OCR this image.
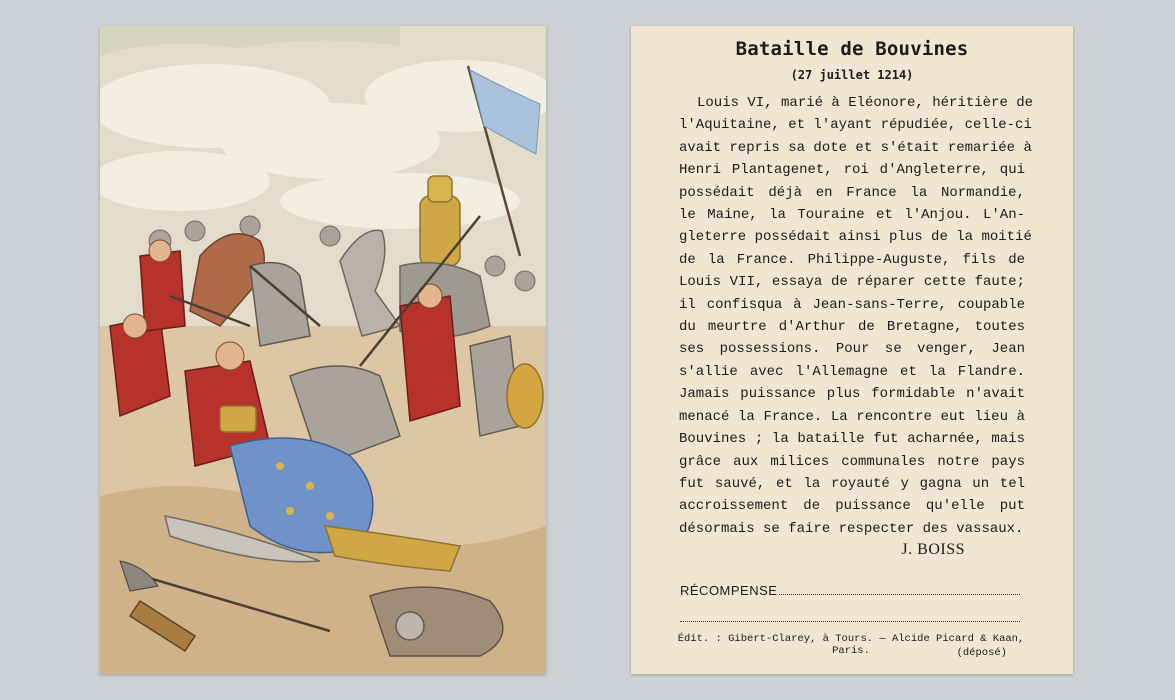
Bataille de Bouvines
(27 juillet 1214)
Louis VI, marié à Eléonore, héritière de
l'Aquitaine, et l'ayant répudiée, celle-ci
avait repris sa dote et s'était remariée à
Henri Plantagenet, roi d'Angleterre, qui
possédait déjà en France la Normandie,
le Maine, la Touraine et l'Anjou. L'An-
gleterre possédait ainsi plus de la moitié
de la France. Philippe-Auguste, fils de
Louis VII, essaya de réparer cette faute;
il confisqua à Jean-sans-Terre, coupable
du meurtre d'Arthur de Bretagne, toutes
ses possessions. Pour se venger, Jean
s'allie avec l'Allemagne et la Flandre.
Jamais puissance plus formidable n'avait
menacé la France. La rencontre eut lieu à
Bouvines ; la bataille fut acharnée, mais
grâce aux milices communales notre pays
fut sauvé, et la royauté y gagna un tel
accroissement de puissance qu'elle put
désormais se faire respecter des vassaux.
J. BOISS
RÉCOMPENSE
Édit. : Gibert-Clarey, à Tours. — Alcide Picard & Kaan, Paris.	(déposé)
